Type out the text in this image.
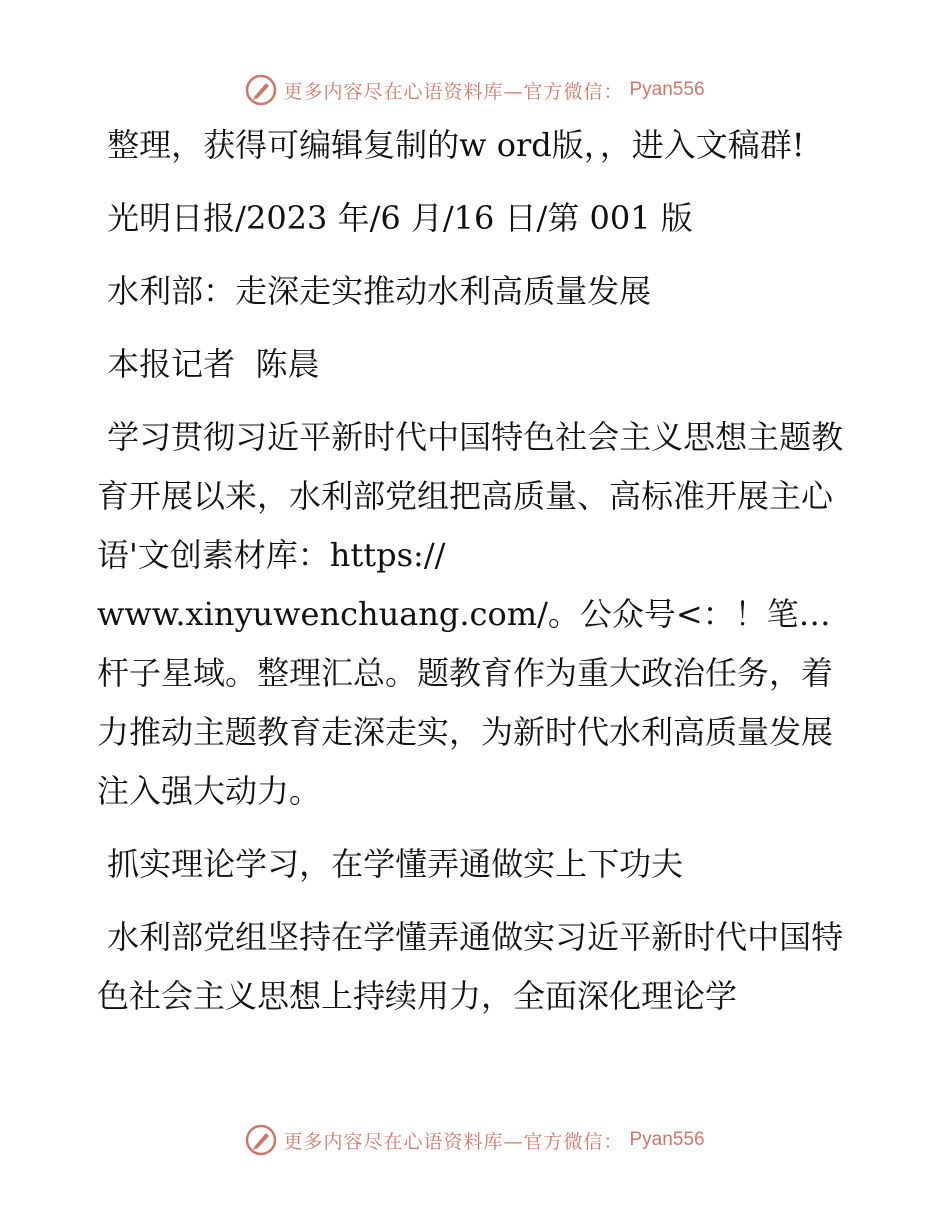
更多内容尽在心语资料库—官方微信： Pyan556

整理，获得可编辑复制的w ord版，，进入文稿群!

光明日报/2023 年/6 月/16 日/第 001 版

水利部：走深走实推动水利高质量发展

本报记者  陈晨

学习贯彻习近平新时代中国特色社会主义思想主题教育开展以来，水利部党组把高质量、高标准开展主心语'文创素材库：https://
www.xinyuwenchuang.com/。公众号<：！笔…杆子星域。整理汇总。题教育作为重大政治任务，着力推动主题教育走深走实，为新时代水利高质量发展注入强大动力。

抓实理论学习，在学懂弄通做实上下功夫

水利部党组坚持在学懂弄通做实习近平新时代中国特色社会主义思想上持续用力，全面深化理论学

更多内容尽在心语资料库—官方微信： Pyan556
